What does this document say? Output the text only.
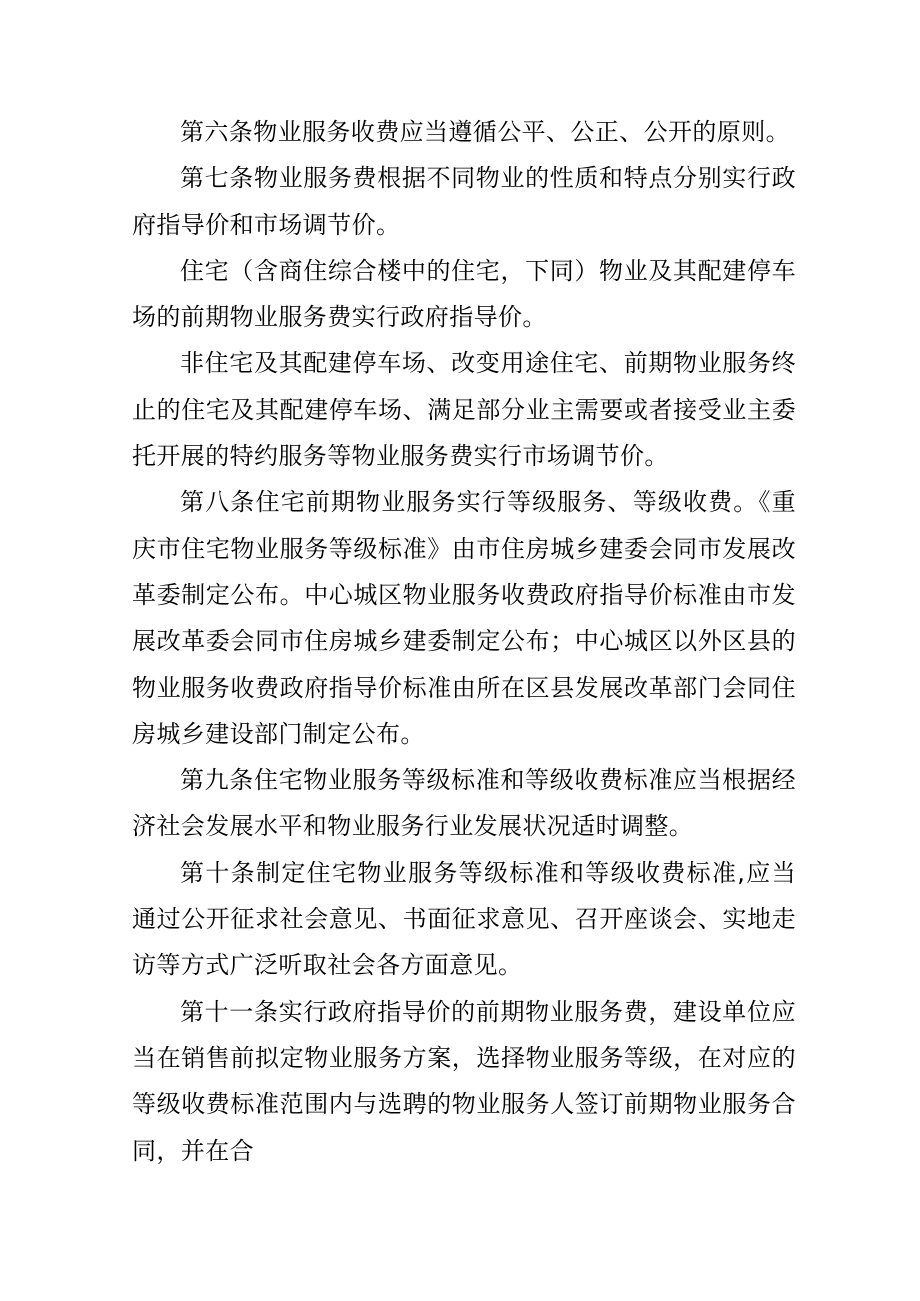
第六条物业服务收费应当遵循公平、公正、公开的原则。

第七条物业服务费根据不同物业的性质和特点分别实行政府指导价和市场调节价。

住宅（含商住综合楼中的住宅，下同）物业及其配建停车场的前期物业服务费实行政府指导价。

非住宅及其配建停车场、改变用途住宅、前期物业服务终止的住宅及其配建停车场、满足部分业主需要或者接受业主委托开展的特约服务等物业服务费实行市场调节价。

第八条住宅前期物业服务实行等级服务、等级收费。《重庆市住宅物业服务等级标准》由市住房城乡建委会同市发展改革委制定公布。中心城区物业服务收费政府指导价标准由市发展改革委会同市住房城乡建委制定公布；中心城区以外区县的物业服务收费政府指导价标准由所在区县发展改革部门会同住房城乡建设部门制定公布。

第九条住宅物业服务等级标准和等级收费标准应当根据经济社会发展水平和物业服务行业发展状况适时调整。

第十条制定住宅物业服务等级标准和等级收费标准,应当通过公开征求社会意见、书面征求意见、召开座谈会、实地走访等方式广泛听取社会各方面意见。

第十一条实行政府指导价的前期物业服务费，建设单位应当在销售前拟定物业服务方案，选择物业服务等级，在对应的等级收费标准范围内与选聘的物业服务人签订前期物业服务合同，并在合
